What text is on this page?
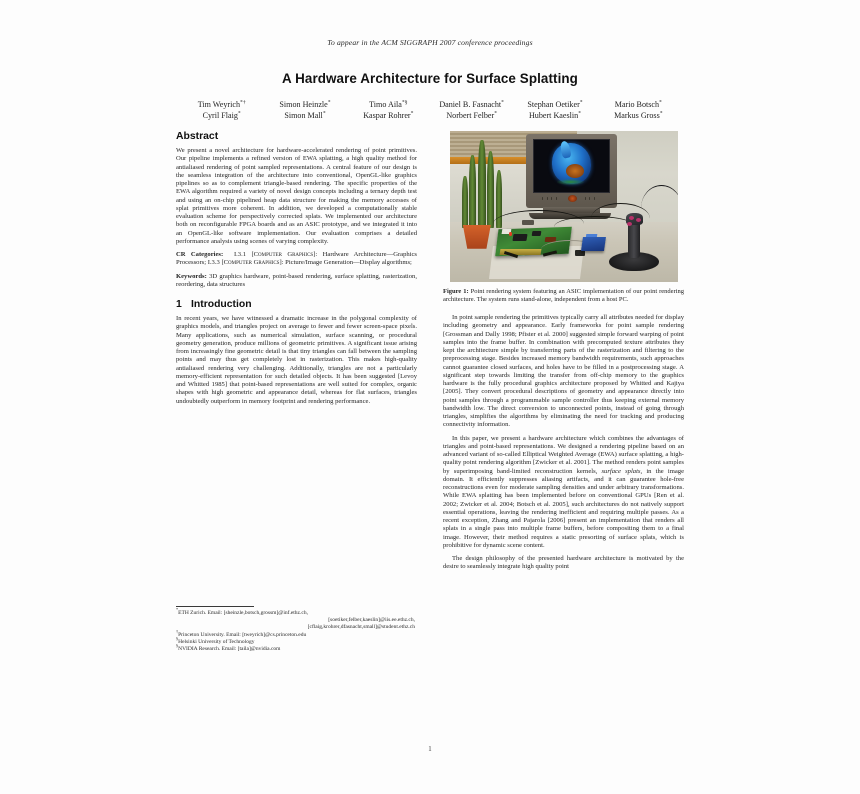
To appear in the ACM SIGGRAPH 2007 conference proceedings
A Hardware Architecture for Surface Splatting
Tim Weyrich*†	Simon Heinzle*	Timo Aila*§	Daniel B. Fasnacht*	Stephan Oetiker*	Mario Botsch*
Cyril Flaig*	Simon Mall*	Kaspar Rohrer*	Norbert Felber*	Hubert Kaeslin*	Markus Gross*
Abstract

We present a novel architecture for hardware-accelerated rendering of point primitives. Our pipeline implements a refined version of EWA splatting, a high quality method for antialiased rendering of point sampled representations. A central feature of our design is the seamless integration of the architecture into conventional, OpenGL-like graphics pipelines so as to complement triangle-based rendering. The specific properties of the EWA algorithm required a variety of novel design concepts including a ternary depth test and using an on-chip pipelined heap data structure for making the memory accesses of splat primitives more coherent. In addition, we developed a computationally stable evaluation scheme for perspectively corrected splats. We implemented our architecture both on reconfigurable FPGA boards and as an ASIC prototype, and we integrated it into an OpenGL-like software implementation. Our evaluation comprises a detailed performance analysis using scenes of varying complexity.

CR Categories: I.3.1 [Computer Graphics]: Hardware Architecture—Graphics Processors; I.3.3 [Computer Graphics]: Picture/Image Generation—Display algorithms;

Keywords: 3D graphics hardware, point-based rendering, surface splatting, rasterization, reordering, data structures

1 Introduction

In recent years, we have witnessed a dramatic increase in the polygonal complexity of graphics models, and triangles project on average to fewer and fewer screen-space pixels. Many applications, such as numerical simulation, surface scanning, or procedural geometry generation, produce millions of geometric primitives. A significant issue arising from increasingly fine geometric detail is that tiny triangles can fall between the sampling points and may thus get completely lost in rasterization. This makes high-quality antialiased rendering very challenging. Additionally, triangles are not a particularly memory-efficient representation for such detailed objects. It has been suggested [Levoy and Whitted 1985] that point-based representations are well suited for complex, organic shapes with high geometric and appearance detail, whereas for flat surfaces, triangles undoubtedly outperform in memory footprint and rendering performance.

Figure 1: Point rendering system featuring an ASIC implementation of our point rendering architecture. The system runs stand-alone, independent from a host PC.

In point sample rendering the primitives typically carry all attributes needed for display including geometry and appearance. Early frameworks for point sample rendering [Grossman and Dally 1998; Pfister et al. 2000] suggested simple forward warping of point samples into the frame buffer. In combination with precomputed texture attributes they kept the architecture simple by transferring parts of the rasterization and filtering to the preprocessing stage. Besides increased memory bandwidth requirements, such approaches cannot guarantee closed surfaces, and holes have to be filled in a postprocessing stage. A significant step towards limiting the transfer from off-chip memory to the graphics hardware is the fully procedural graphics architecture proposed by Whitted and Kajiya [2005]. They convert procedural descriptions of geometry and appearance directly into point samples through a programmable sample controller thus keeping external memory bandwidth low. The direct conversion to unconnected points, instead of going through triangles, simplifies the algorithms by eliminating the need for tracking and producing connectivity information.

In this paper, we present a hardware architecture which combines the advantages of triangles and point-based representations. We designed a rendering pipeline based on an advanced variant of so-called Elliptical Weighted Average (EWA) surface splatting, a high-quality point rendering algorithm [Zwicker et al. 2001]. The method renders point samples by superimposing band-limited reconstruction kernels, surface splats, in the image domain. It efficiently suppresses aliasing artifacts, and it can guarantee hole-free reconstructions even for moderate sampling densities and under arbitrary transformations. While EWA splatting has been implemented before on conventional GPUs [Ren et al. 2002; Zwicker et al. 2004; Botsch et al. 2005], such architectures do not natively support essential operations, leaving the rendering inefficient and requiring multiple passes. As a recent exception, Zhang and Pajarola [2006] present an implementation that renders all splats in a single pass into multiple frame buffers, before compositing them to a final image. However, their method requires a static presorting of surface splats, which is prohibitive for dynamic scene content.

The design philosophy of the presented hardware architecture is motivated by the desire to seamlessly integrate high quality point

*ETH Zurich. Email: [sheinzle,botsch,grossm]@inf.ethz.ch,
[soetiker,felber,kaeslin]@iis.ee.ethz.ch,
[cflaig,krohrer,dfasnacht,small]@student.ethz.ch
†Princeton University. Email: [tweyrich]@cs.princeton.edu
§Helsinki University of Technology
§NVIDIA Research. Email: [taila]@nvidia.com
1
